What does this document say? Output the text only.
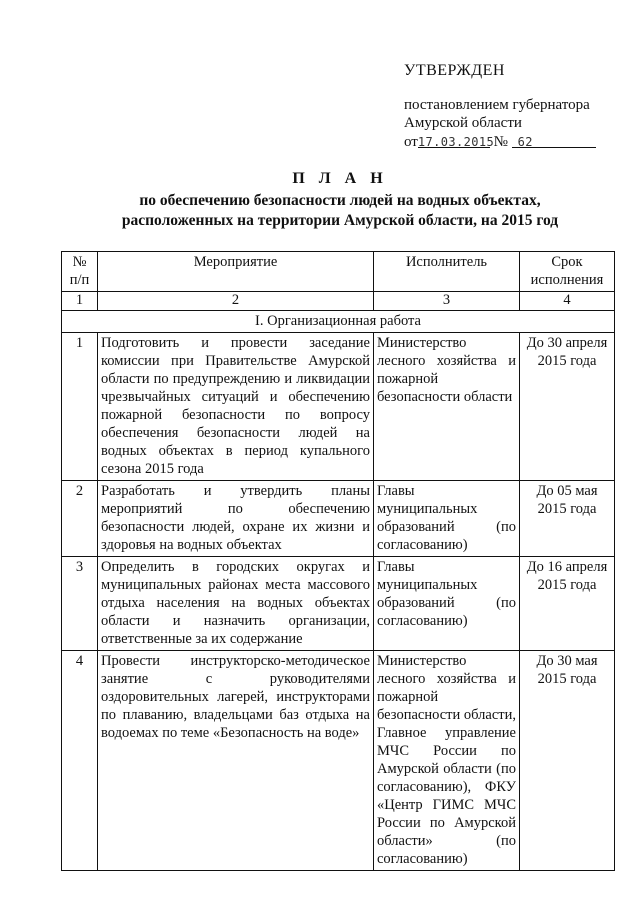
УТВЕРЖДЕН
постановлением губернатора
Амурской области
от17.03.2015 № 62
П Л А Н
по обеспечению безопасности людей на водных объектах,
расположенных на территории Амурской области, на 2015 год
№ п/п	Мероприятие	Исполнитель	Срок исполнения
1	2	3	4
I. Организационная работа			
1	Подготовить и провести заседание комиссии при Правительстве Амурской области по предупреждению и ликвидации чрезвычайных ситуаций и обеспечению пожарной безопасности по вопросу обеспечения безопасности людей на водных объектах в период купального сезона 2015 года	Министерство лесного хозяйства и пожарной безопасности области	До 30 апреля 2015 года
2	Разработать и утвердить планы мероприятий по обеспечению безопасности людей, охране их жизни и здоровья на водных объектах	Главы муниципальных образований (по согласованию)	До 05 мая 2015 года
3	Определить в городских округах и муниципальных районах места массового отдыха населения на водных объектах области и назначить организации, ответственные за их содержание	Главы муниципальных образований (по согласованию)	До 16 апреля 2015 года
4	Провести инструкторско-методическое занятие с руководителями оздоровительных лагерей, инструкторами по плаванию, владельцами баз отдыха на водоемах по теме «Безопасность на воде»	Министерство лесного хозяйства и пожарной безопасности области, Главное управление МЧС России по Амурской области (по согласованию), ФКУ «Центр ГИМС МЧС России по Амурской области» (по согласованию)	До 30 мая 2015 года
